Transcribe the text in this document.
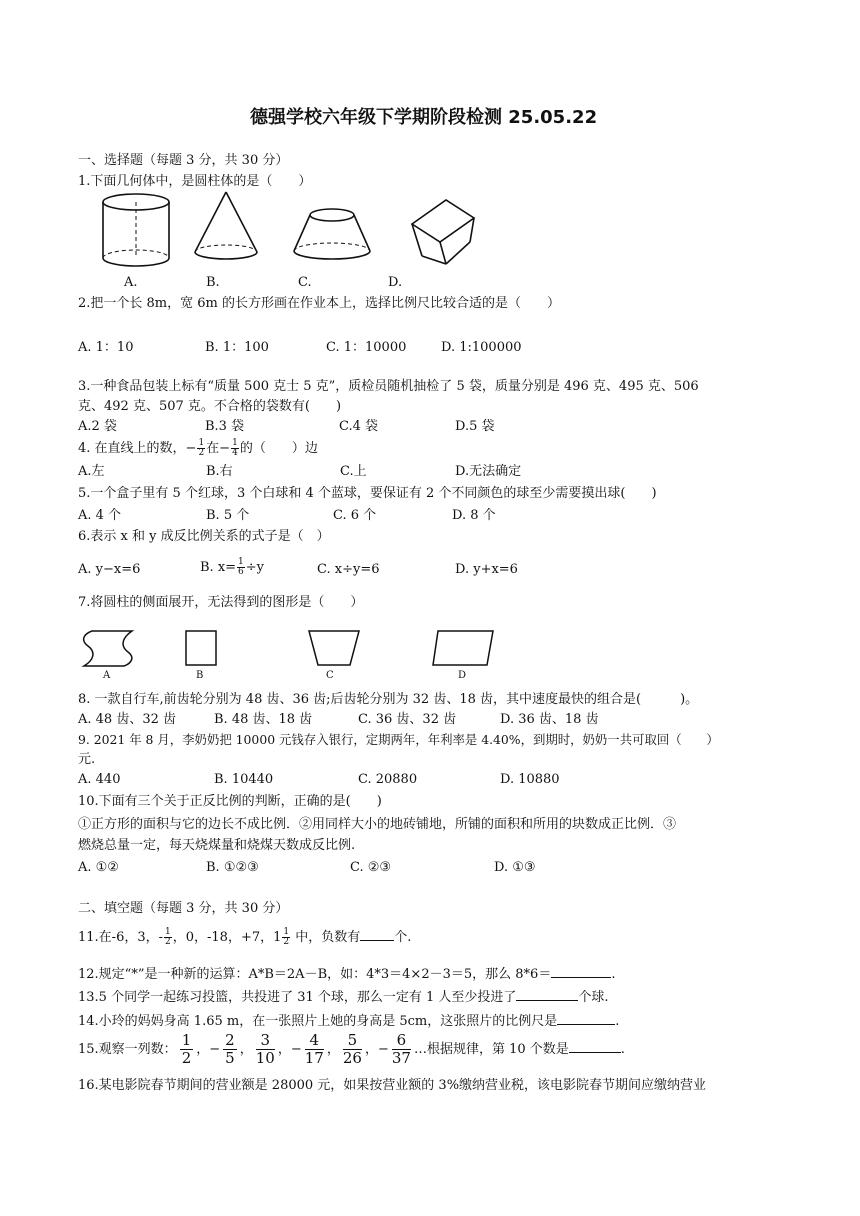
德强学校六年级下学期阶段检测 25.05.22
一、选择题（每题 3 分，共 30 分）
1.下面几何体中，是圆柱体的是（　　）
A.	B.	C.	D.
2.把一个长 8m，宽 6m 的长方形画在作业本上，选择比例尺比较合适的是（　　）
A. 1：10	B. 1：100	C. 1：10000	D. 1:100000
3.一种食品包装上标有“质量 500 克士 5 克”，质检员随机抽检了 5 袋，质量分别是 496 克、495 克、506
克、492 克、507 克。不合格的袋数有(　　)
A.2 袋	B.3 袋	C.4 袋	D.5 袋
4. 在直线上的数，− $\frac{1}{2}$ 在− $\frac{1}{4}$ 的（　　）边
A.左	B.右	C.上	D.无法确定
5.一个盒子里有 5 个红球，3 个白球和 4 个蓝球，要保证有 2 个不同颜色的球至少需要摸出球(　　)
A. 4 个	B. 5 个	C. 6 个	D. 8 个
6.表示 x 和 y 成反比例关系的式子是（　）
A. y−x=6	B. $x= \frac{1}{6} \div y$	C. x÷y=6	D. y+x=6
7.将圆柱的侧面展开，无法得到的图形是（　　）
A	B	C	D
8. 一款自行车,前齿轮分别为 48 齿、36 齿;后齿轮分别为 32 齿、18 齿，其中速度最快的组合是(　　　)。
A. 48 齿、32 齿	B. 48 齿、18 齿	C. 36 齿、32 齿	D. 36 齿、18 齿
9. 2021 年 8 月，李奶奶把 10000 元钱存入银行，定期两年，年利率是 4.40%，到期时，奶奶一共可取回（　　）
元.
A. 440	B. 10440	C. 20880	D. 10880
10.下面有三个关于正反比例的判断，正确的是(　　)
①正方形的面积与它的边长不成比例．②用同样大小的地砖铺地，所铺的面积和所用的块数成正比例．③
燃烧总量一定，每天烧煤量和烧煤天数成反比例.
A. ①②	B. ①②③	C. ②③	D. ①③
二、填空题（每题 3 分，共 30 分）
11.在-6，3，- $\frac{1}{2}$ ，0，-18，+7，$1 \frac{1}{2}$ 中，负数有	个.
12.规定“*”是一种新的运算：A*B＝2A－B，如：4*3＝4×2－3＝5，那么 8*6＝	.
13.5 个同学一起练习投篮，共投进了 31 个球，那么一定有 1 人至少投进了	个球.
14.小玲的妈妈身高 1.65 m，在一张照片上她的身高是 5cm，这张照片的比例尺是	.
15.观察一列数： $\frac{1}{2}$ ，− $\frac{2}{5}$ ， $\frac{3}{10}$ ，− $\frac{4}{17}$ ， $\frac{5}{26}$ ，− $\frac{6}{37}$ …根据规律，第 10 个数是	.
16.某电影院春节期间的营业额是 28000 元，如果按营业额的 3%缴纳营业税，该电影院春节期间应缴纳营业
